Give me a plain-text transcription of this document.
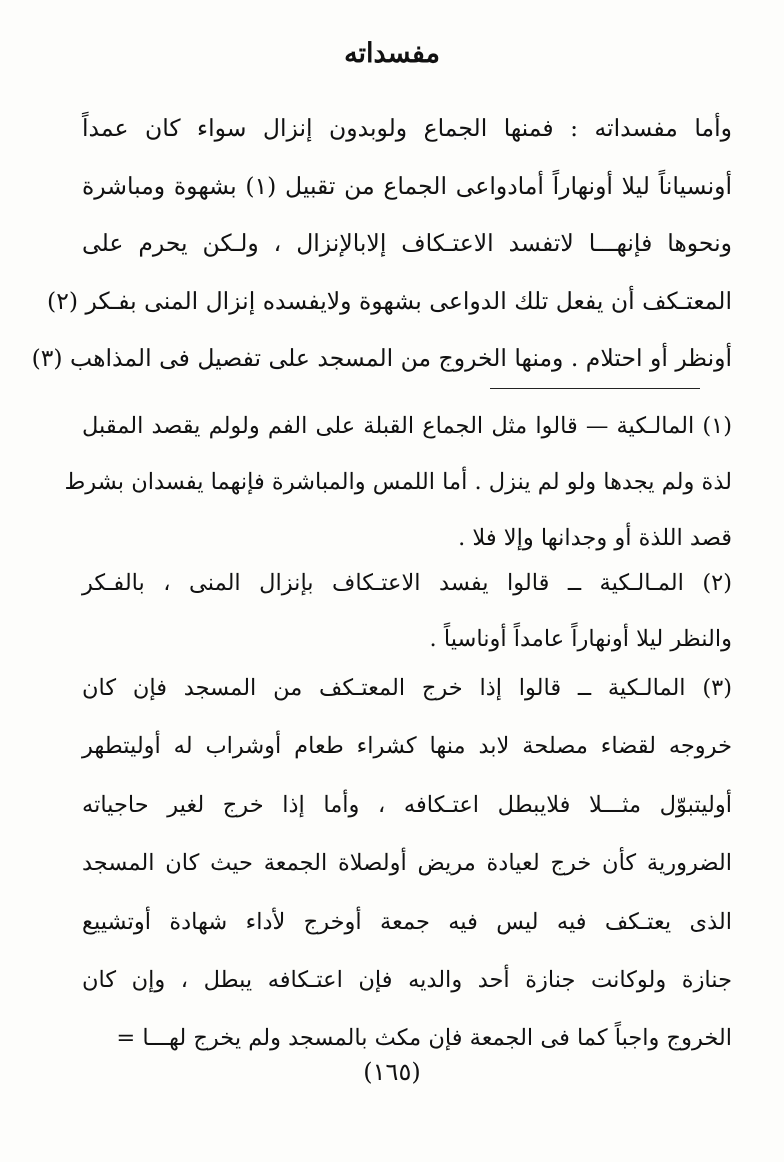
مفسداته
وأما مفسداته : فمنها الجماع ولوبدون إنزال سواء كان عمداً
أونسياناً ليلا أونهاراً أمادواعى الجماع من تقبيل (١) بشهوة ومباشرة
ونحوها فإنهـــا لاتفسد الاعتـكاف إلابالإنزال ، ولـكن يحرم على
المعتـكف أن يفعل تلك الدواعى بشهوة ولايفسده إنزال المنى بفـكر (٢)
أونظر أو احتلام . ومنها الخروج من المسجد على تفصيل فى المذاهب (٣)
(١) المالـكية — قالوا مثل الجماع القبلة على الفم ولولم يقصد المقبل
لذة ولم يجدها ولو لم ينزل . أما اللمس والمباشرة فإنهما يفسدان بشرط
قصد اللذة أو وجدانها وإلا فلا .
(٢) المـالـكية ــ قالوا يفسد الاعتـكاف بإنزال المنى ، بالفـكر
والنظر ليلا أونهاراً عامداً أوناسياً .
(٣) المالـكية ــ قالوا إذا خرج المعتـكف من المسجد فإن كان
خروجه لقضاء مصلحة لابد منها كشراء طعام أوشراب له أوليتطهر
أوليتبوّل مثـــلا فلايبطل اعتـكافه ، وأما إذا خرج لغير حاجياته
الضرورية كأن خرج لعيادة مريض أولصلاة الجمعة حيث كان المسجد
الذى يعتـكف فيه ليس فيه جمعة أوخرج لأداء شهادة أوتشييع
جنازة ولوكانت جنازة أحد والديه فإن اعتـكافه يبطل ، وإن كان
الخروج واجباً كما فى الجمعة فإن مكث بالمسجد ولم يخرج لهـــا =
(١٦٥)
